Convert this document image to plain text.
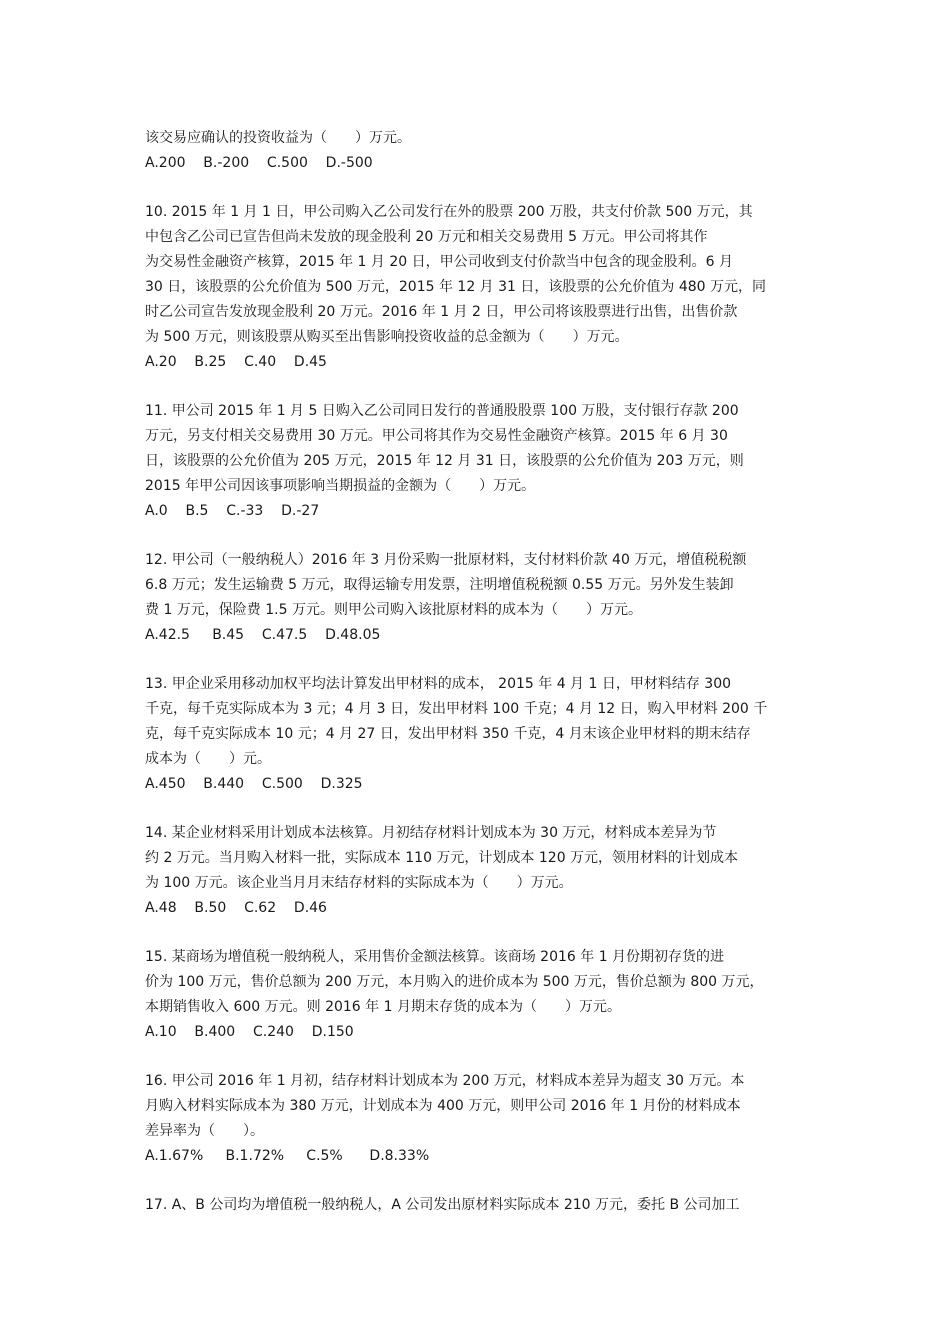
该交易应确认的投资收益为（　　）万元。
A.200    B.-200    C.500    D.-500
10. 2015 年 1 月 1 日，甲公司购入乙公司发行在外的股票 200 万股，共支付价款 500 万元，其
中包含乙公司已宣告但尚未发放的现金股利 20 万元和相关交易费用 5 万元。甲公司将其作
为交易性金融资产核算，2015 年 1 月 20 日，甲公司收到支付价款当中包含的现金股利。6 月
30 日，该股票的公允价值为 500 万元，2015 年 12 月 31 日，该股票的公允价值为 480 万元，同
时乙公司宣告发放现金股利 20 万元。2016 年 1 月 2 日，甲公司将该股票进行出售，出售价款
为 500 万元，则该股票从购买至出售影响投资收益的总金额为（　　）万元。
A.20    B.25    C.40    D.45
11. 甲公司 2015 年 1 月 5 日购入乙公司同日发行的普通股股票 100 万股，支付银行存款 200
万元，另支付相关交易费用 30 万元。甲公司将其作为交易性金融资产核算。2015 年 6 月 30
日，该股票的公允价值为 205 万元，2015 年 12 月 31 日，该股票的公允价值为 203 万元，则
2015 年甲公司因该事项影响当期损益的金额为（　　）万元。
A.0    B.5    C.-33    D.-27
12. 甲公司（一般纳税人）2016 年 3 月份采购一批原材料，支付材料价款 40 万元，增值税税额
6.8 万元；发生运输费 5 万元，取得运输专用发票，注明增值税税额 0.55 万元。另外发生装卸
费 1 万元，保险费 1.5 万元。则甲公司购入该批原材料的成本为（　　）万元。
A.42.5     B.45    C.47.5    D.48.05
13. 甲企业采用移动加权平均法计算发出甲材料的成本， 2015 年 4 月 1 日，甲材料结存 300
千克，每千克实际成本为 3 元；4 月 3 日，发出甲材料 100 千克；4 月 12 日，购入甲材料 200 千
克，每千克实际成本 10 元；4 月 27 日，发出甲材料 350 千克，4 月末该企业甲材料的期末结存
成本为（　　）元。
A.450    B.440    C.500    D.325
14. 某企业材料采用计划成本法核算。月初结存材料计划成本为 30 万元，材料成本差异为节
约 2 万元。当月购入材料一批，实际成本 110 万元，计划成本 120 万元，领用材料的计划成本
为 100 万元。该企业当月月末结存材料的实际成本为（　　）万元。
A.48    B.50    C.62    D.46
15. 某商场为增值税一般纳税人，采用售价金额法核算。该商场 2016 年 1 月份期初存货的进
价为 100 万元，售价总额为 200 万元，本月购入的进价成本为 500 万元，售价总额为 800 万元，
本期销售收入 600 万元。则 2016 年 1 月期末存货的成本为（　　）万元。
A.10    B.400    C.240    D.150
16. 甲公司 2016 年 1 月初，结存材料计划成本为 200 万元，材料成本差异为超支 30 万元。本
月购入材料实际成本为 380 万元，计划成本为 400 万元，则甲公司 2016 年 1 月份的材料成本
差异率为（　　）。
A.1.67%     B.1.72%     C.5%      D.8.33%
17. A、B 公司均为增值税一般纳税人，A 公司发出原材料实际成本 210 万元，委托 B 公司加工
